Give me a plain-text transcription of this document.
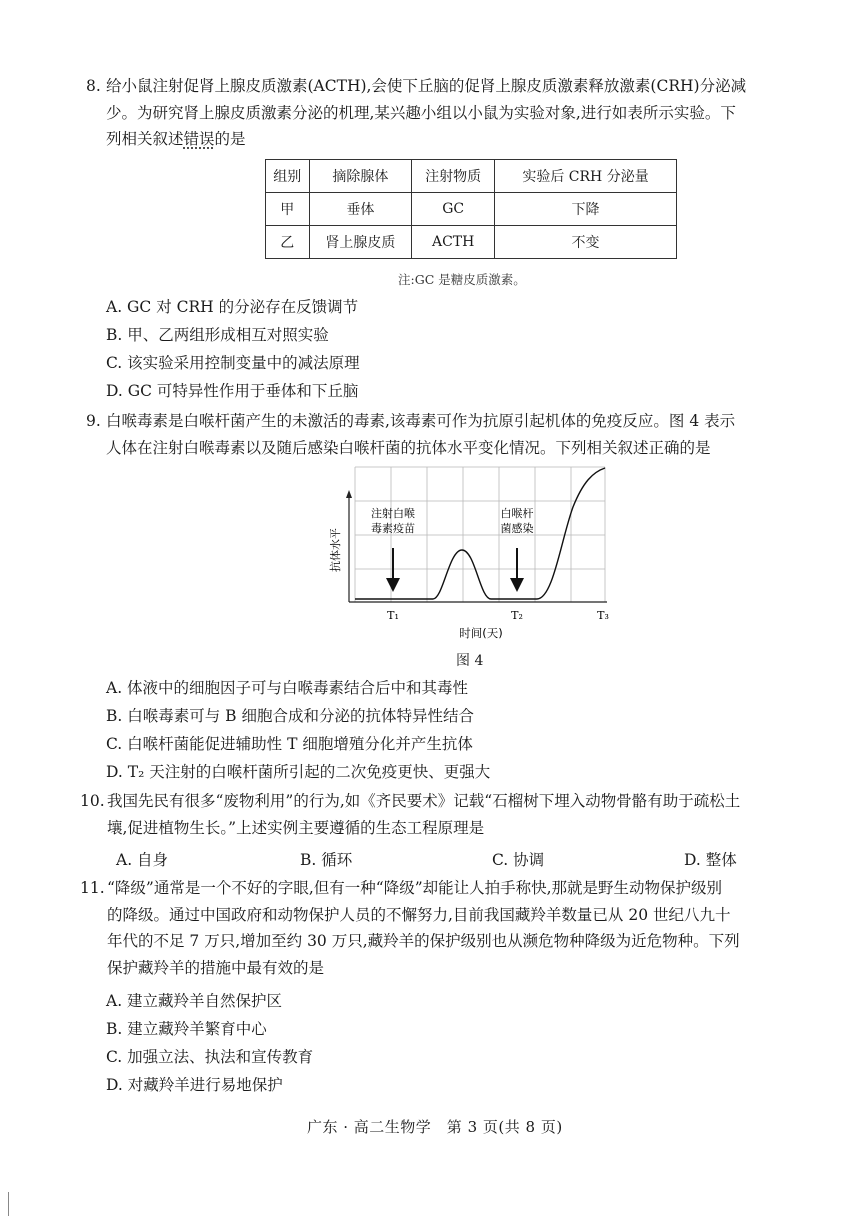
8. 给小鼠注射促肾上腺皮质激素(ACTH),会使下丘脑的促肾上腺皮质激素释放激素(CRH)分泌减
少。为研究肾上腺皮质激素分泌的机理,某兴趣小组以小鼠为实验对象,进行如表所示实验。下
列相关叙述错误的是
组别	摘除腺体	注射物质	实验后 CRH 分泌量
甲	垂体	GC	下降
乙	肾上腺皮质	ACTH	不变
注:GC 是糖皮质激素。
A. GC 对 CRH 的分泌存在反馈调节
B. 甲、乙两组形成相互对照实验
C. 该实验采用控制变量中的减法原理
D. GC 可特异性作用于垂体和下丘脑
9. 白喉毒素是白喉杆菌产生的未激活的毒素,该毒素可作为抗原引起机体的免疫反应。图 4 表示
人体在注射白喉毒素以及随后感染白喉杆菌的抗体水平变化情况。下列相关叙述正确的是
注射白喉
毒素疫苗
白喉杆
菌感染
抗体水平
T₁	T₂	T₃
时间(天)
图 4
A. 体液中的细胞因子可与白喉毒素结合后中和其毒性
B. 白喉毒素可与 B 细胞合成和分泌的抗体特异性结合
C. 白喉杆菌能促进辅助性 T 细胞增殖分化并产生抗体
D. T₂ 天注射的白喉杆菌所引起的二次免疫更快、更强大
10. 我国先民有很多“废物利用”的行为,如《齐民要术》记载“石榴树下埋入动物骨骼有助于疏松土
壤,促进植物生长。”上述实例主要遵循的生态工程原理是
A. 自身	B. 循环	C. 协调	D. 整体
11. “降级”通常是一个不好的字眼,但有一种“降级”却能让人拍手称快,那就是野生动物保护级别
的降级。通过中国政府和动物保护人员的不懈努力,目前我国藏羚羊数量已从 20 世纪八九十
年代的不足 7 万只,增加至约 30 万只,藏羚羊的保护级别也从濒危物种降级为近危物种。下列
保护藏羚羊的措施中最有效的是
A. 建立藏羚羊自然保护区
B. 建立藏羚羊繁育中心
C. 加强立法、执法和宣传教育
D. 对藏羚羊进行易地保护
广东 · 高二生物学　第 3 页(共 8 页)
